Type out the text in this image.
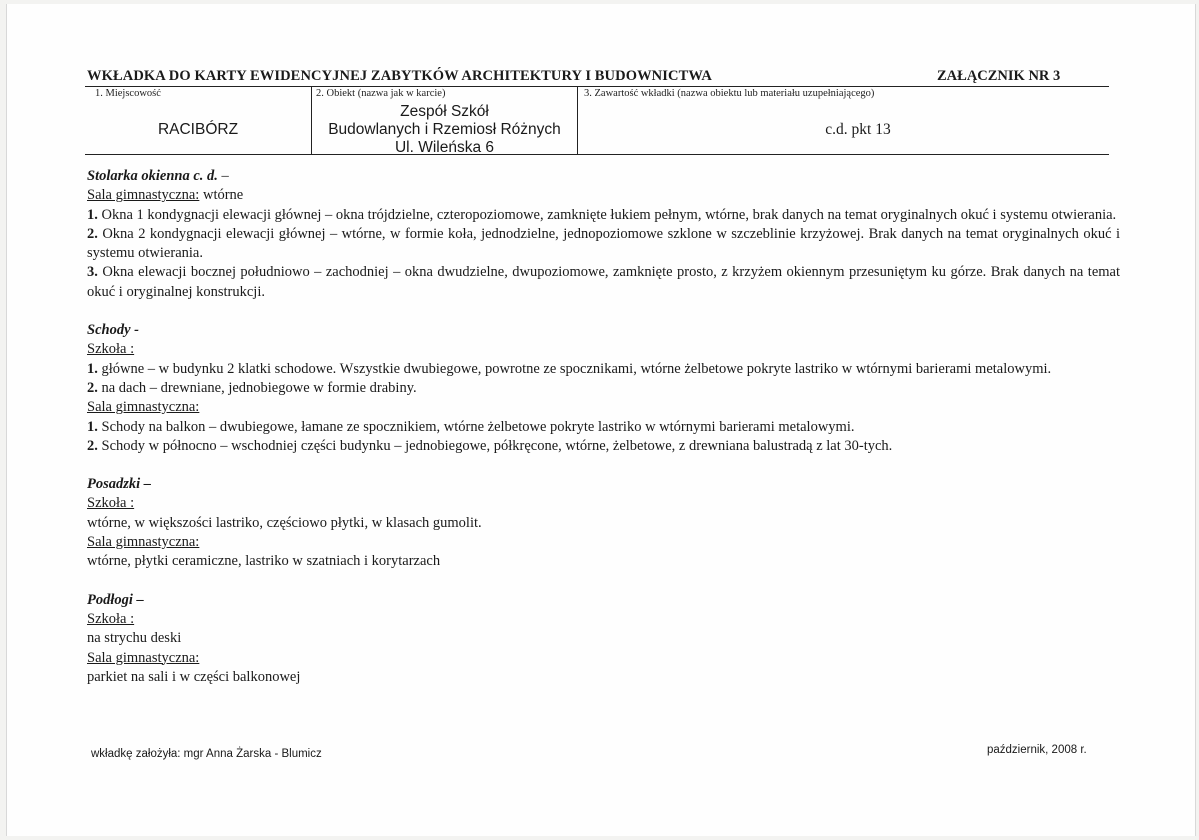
WKŁADKA DO KARTY EWIDENCYJNEJ ZABYTKÓW ARCHITEKTURY I BUDOWNICTWA	ZAŁĄCZNIK NR 3
1. Miejscowość
RACIBÓRZ
2. Obiekt (nazwa jak w karcie)
Zespół Szkół
Budowlanych i Rzemiosł Różnych
Ul. Wileńska 6
3. Zawartość wkładki (nazwa obiektu lub materiału uzupełniającego)
c.d. pkt 13

Stolarka okienna c. d. –

Sala gimnastyczna: wtórne

1. Okna 1 kondygnacji elewacji głównej – okna trójdzielne, czteropoziomowe, zamknięte łukiem pełnym, wtórne, brak danych na temat oryginalnych okuć i systemu otwierania.

2. Okna 2 kondygnacji elewacji głównej – wtórne, w formie koła, jednodzielne, jednopoziomowe szklone w szczeblinie krzyżowej. Brak danych na temat oryginalnych okuć i systemu otwierania.

3. Okna elewacji bocznej południowo – zachodniej – okna dwudzielne, dwupoziomowe, zamknięte prosto, z krzyżem okiennym przesuniętym ku górze. Brak danych na temat okuć i oryginalnej konstrukcji.

Schody -

Szkoła :

1. główne – w budynku 2 klatki schodowe. Wszystkie dwubiegowe, powrotne ze spocznikami, wtórne żelbetowe pokryte lastriko w wtórnymi barierami metalowymi.

2. na dach – drewniane, jednobiegowe w formie drabiny.

Sala gimnastyczna:

1. Schody na balkon – dwubiegowe, łamane ze spocznikiem, wtórne żelbetowe pokryte lastriko w wtórnymi barierami metalowymi.

2. Schody w północno – wschodniej części budynku – jednobiegowe, półkręcone, wtórne, żelbetowe, z drewniana balustradą z lat 30-tych.

Posadzki –

Szkoła :

wtórne, w większości lastriko, częściowo płytki, w klasach gumolit.

Sala gimnastyczna:

wtórne, płytki ceramiczne, lastriko w szatniach i korytarzach

Podłogi –

Szkoła :

na strychu deski

Sala gimnastyczna:

parkiet na sali i w części balkonowej

wkładkę założyła: mgr Anna Żarska - Blumicz	październik, 2008 r.
